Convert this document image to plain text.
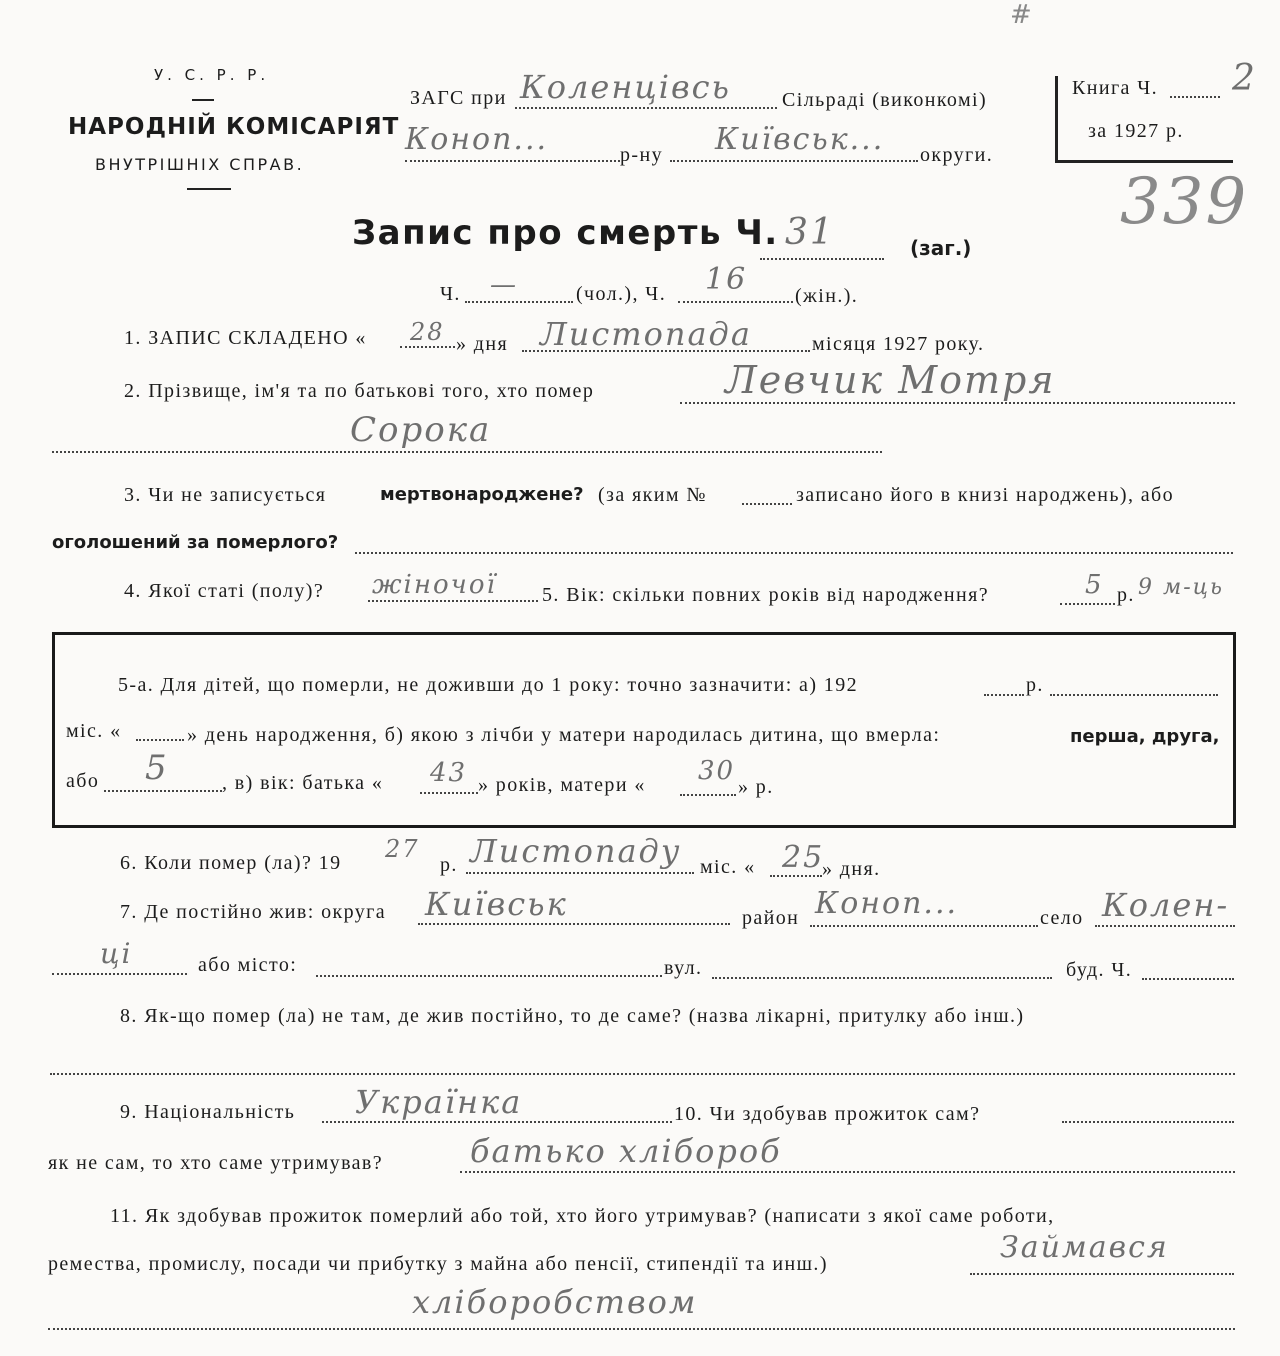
#
У. С. Р. Р.
НАРОДНІЙ КОМІСАРІЯТ
ВНУТРІШНІХ СПРАВ.
ЗАГС при Коленцівсь	Сільраді (виконкомі)
Коноп...	р-ну Київськ... округи.
Книга Ч. 2
за 1927 р.
339
Запис про смерть Ч. 31	(заг.)
Ч. —	(чол.), Ч. 16 (жін.).
1. ЗАПИС СКЛАДЕНО « 28 » дня Листопада	місяця 1927 року.
2. Прізвище, ім'я та по батькові того, хто помер	Левчик Мотря
Сорока
3. Чи не записується	мертвонароджене? (за яким №	записано його в книзі народжень), або
оголошений за померлого?
4. Якої статі (полу)? жіночої 5. Вік: скільки повних років від народження?	5 р. 9 м-ць
5-а. Для дітей, що померли, не доживши до 1 року: точно зазначити: а) 192	р.
міс. «	» день народження, б) якою з лічби у матери народилась дитина, що вмерла:	перша, друга,
або 5	, в) вік: батька « 43 » років, матери « 30
» р.
6. Коли помер (ла)? 19 27
р. Листопаду міс. « 25
» дня.
7. Де постійно жив: округа Київськ	район Коноп...	село Колен-
ці	або місто:	вул.	буд. Ч.
8. Як-що помер (ла) не там, де жив постійно, то де саме? (назва лікарні, притулку або інш.)
9. Національність Українка	10. Чи здобував прожиток сам?
як не сам, то хто саме утримував?	батько хлібороб
11. Як здобував прожиток померлий або той, хто його утримував? (написати з якої саме роботи,
ремества, промислу, посади чи прибутку з майна або пенсії, стипендії та инш.)	Займався
хліборобством
